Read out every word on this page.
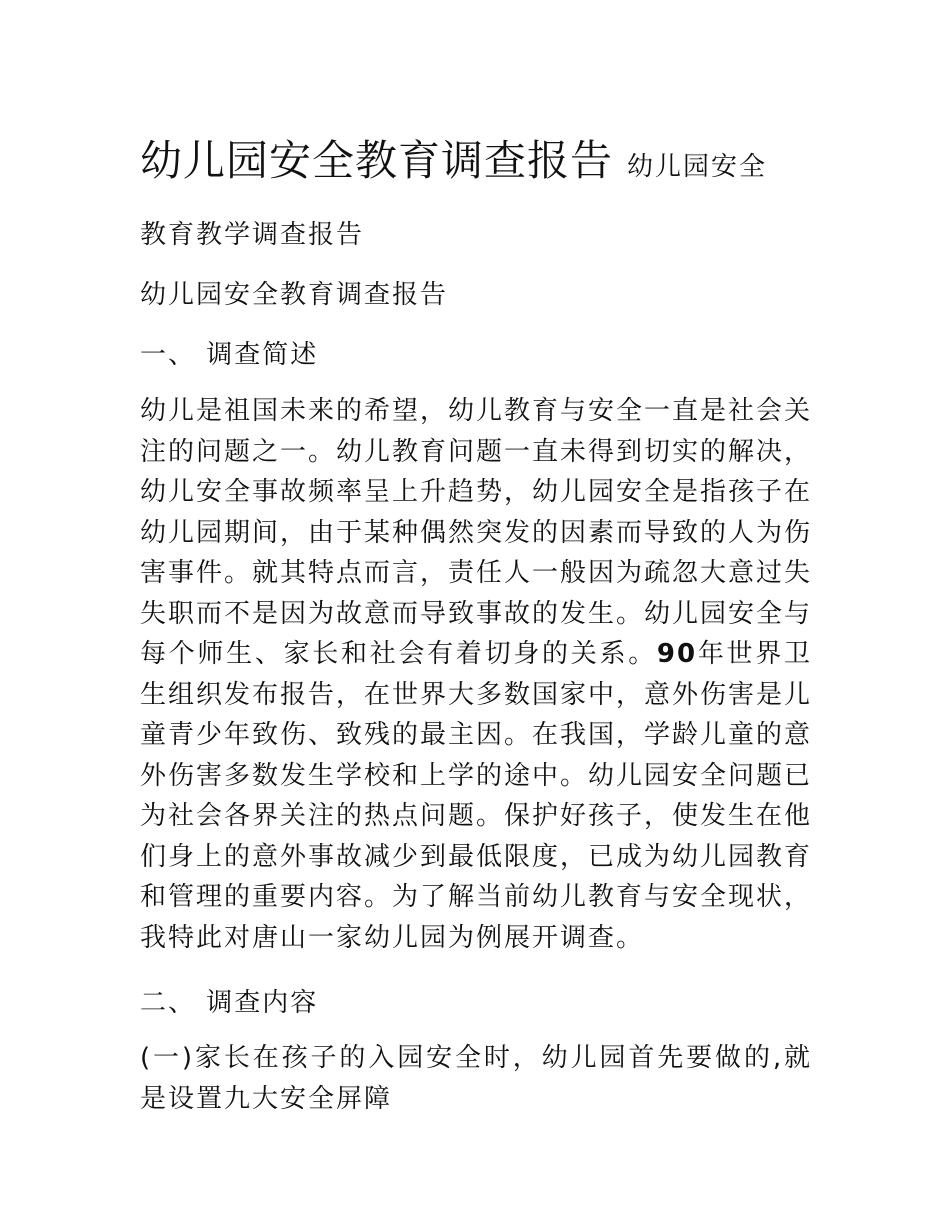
幼儿园安全教育调查报告 幼儿园安全
教育教学调查报告
幼儿园安全教育调查报告
一、 调查简述
幼儿是祖国未来的希望，幼儿教育与安全一直是社会关注的问题之一。幼儿教育问题一直未得到切实的解决，幼儿安全事故频率呈上升趋势，幼儿园安全是指孩子在幼儿园期间，由于某种偶然突发的因素而导致的人为伤害事件。就其特点而言，责任人一般因为疏忽大意过失失职而不是因为故意而导致事故的发生。幼儿园安全与每个师生、家长和社会有着切身的关系。90年世界卫生组织发布报告，在世界大多数国家中，意外伤害是儿童青少年致伤、致残的最主因。在我国，学龄儿童的意外伤害多数发生学校和上学的途中。幼儿园安全问题已为社会各界关注的热点问题。保护好孩子，使发生在他们身上的意外事故减少到最低限度，已成为幼儿园教育和管理的重要内容。为了解当前幼儿教育与安全现状，我特此对唐山一家幼儿园为例展开调查。
二、 调查内容
(一)家长在孩子的入园安全时，幼儿园首先要做的,就是设置九大安全屏障
